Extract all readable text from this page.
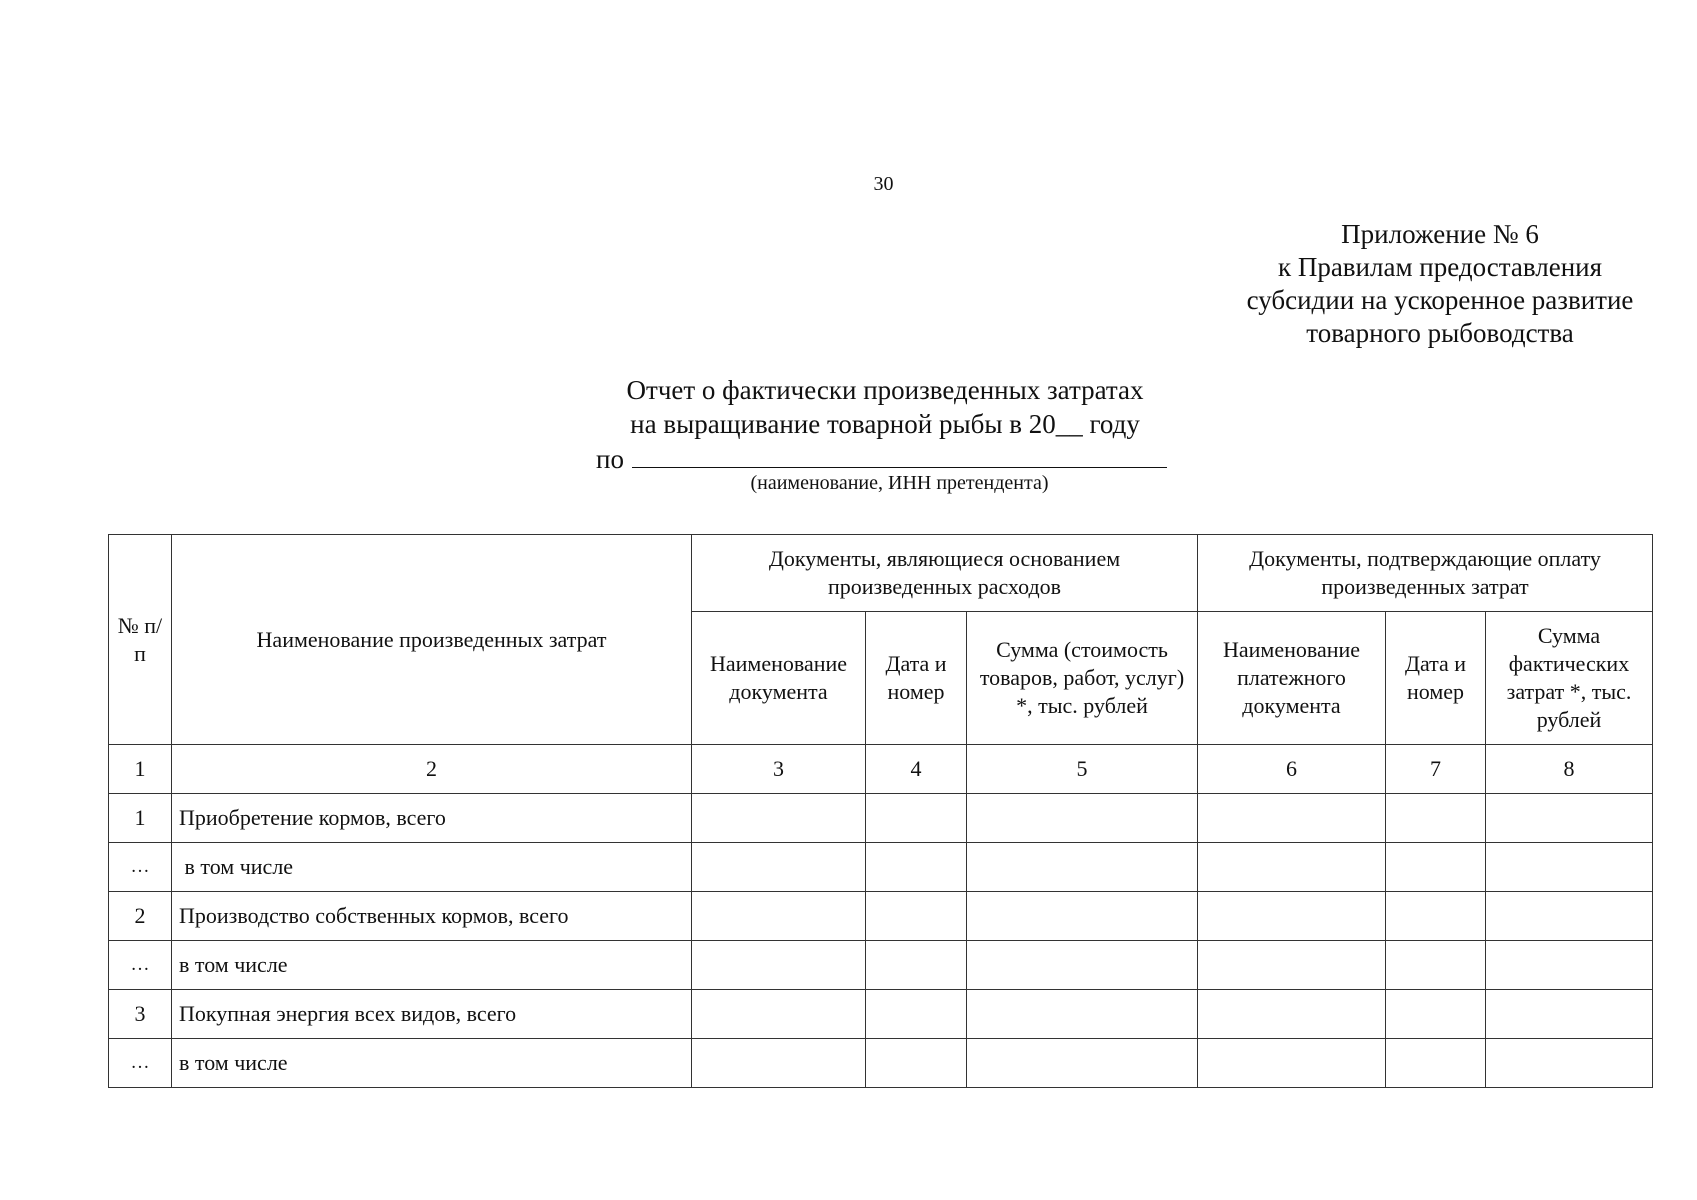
30
Приложение № 6
к Правилам предоставления
субсидии на ускоренное развитие
товарного рыбоводства
Отчет о фактически произведенных затратах
на выращивание товарной рыбы в 20__ году
по
(наименование, ИНН претендента)
№ п/п	Наименование произведенных затрат	Документы, являющиеся основанием произведенных расходов			Документы, подтверждающие оплату произведенных затрат		
		Наименование документа	Дата и номер	Сумма (стоимость товаров, работ, услуг) *, тыс. рублей	Наименование платежного документа	Дата и номер	Сумма фактических затрат *, тыс. рублей
1	2	3	4	5	6	7	8
1	Приобретение кормов, всего						
…	в том числе						
2	Производство собственных кормов, всего						
…	в том числе						
3	Покупная энергия всех видов, всего						
…	в том числе						
